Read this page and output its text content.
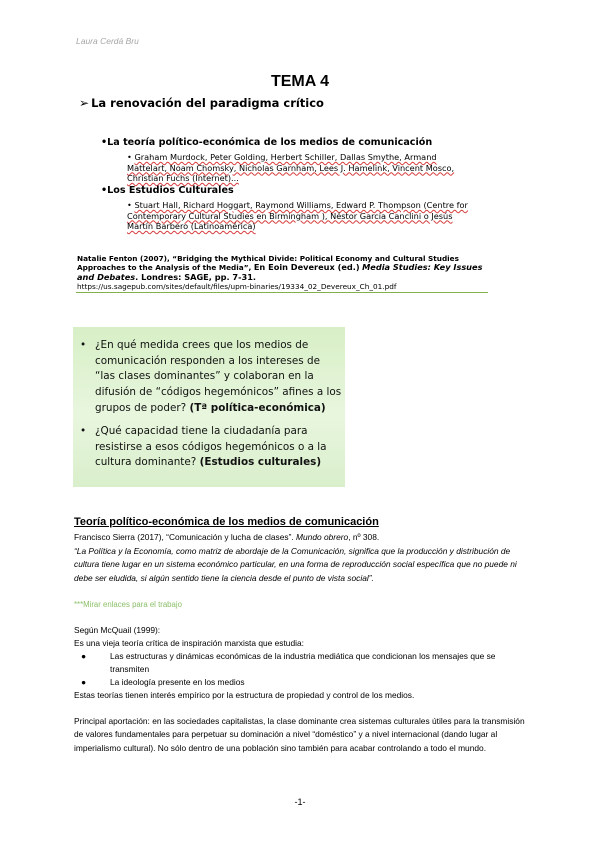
Laura Cerdá Bru
TEMA 4
➢ La renovación del paradigma crítico
•La teoría político-económica de los medios de comunicación
• Graham Murdock, Peter Golding, Herbert Schiller, Dallas Smythe, Armand Mattelart, Noam Chomsky, Nicholas Garnham, Lees J. Hamelink, Vincent Mosco, Christian Fuchs (Internet)...
•Los Estudios Culturales
• Stuart Hall, Richard Hoggart, Raymond Williams, Edward P. Thompson (Centre for Contemporary Cultural Studies en Birmingham ), Néstor García Canclini o Jesús Martín Barbero (Latinoamérica)
Natalie Fenton (2007), “Bridging the Mythical Divide: Political Economy and Cultural Studies Approaches to the Analysis of the Media”, En Eoin Devereux (ed.) Media Studies: Key Issues and Debates. Londres: SAGE, pp. 7-31.
https://us.sagepub.com/sites/default/files/upm-binaries/19334_02_Devereux_Ch_01.pdf
• ¿En qué medida crees que los medios de comunicación responden a los intereses de “las clases dominantes” y colaboran en la difusión de “códigos hegemónicos” afines a los grupos de poder? (Tª política-económica)
• ¿Qué capacidad tiene la ciudadanía para resistirse a esos códigos hegemónicos o a la cultura dominante? (Estudios culturales)
Teoría político-económica de los medios de comunicación
Francisco Sierra (2017), “Comunicación y lucha de clases”. Mundo obrero, nº 308.
“La Política y la Economía, como matriz de abordaje de la Comunicación, significa que la producción y distribución de cultura tiene lugar en un sistema económico particular, en una forma de reproducción social específica que no puede ni debe ser eludida, si algún sentido tiene la ciencia desde el punto de vista social”.
***Mirar enlaces para el trabajo
Según McQuail (1999):
Es una vieja teoría crítica de inspiración marxista que estudia:
●	Las estructuras y dinámicas económicas de la industria mediática que condicionan los mensajes que se transmiten
●	La ideología presente en los medios
Estas teorías tienen interés empírico por la estructura de propiedad y control de los medios.
Principal aportación: en las sociedades capitalistas, la clase dominante crea sistemas culturales útiles para la transmisión de valores fundamentales para perpetuar su dominación a nivel “doméstico” y a nivel internacional (dando lugar al imperialismo cultural). No sólo dentro de una población sino también para acabar controlando a todo el mundo.
-1-
